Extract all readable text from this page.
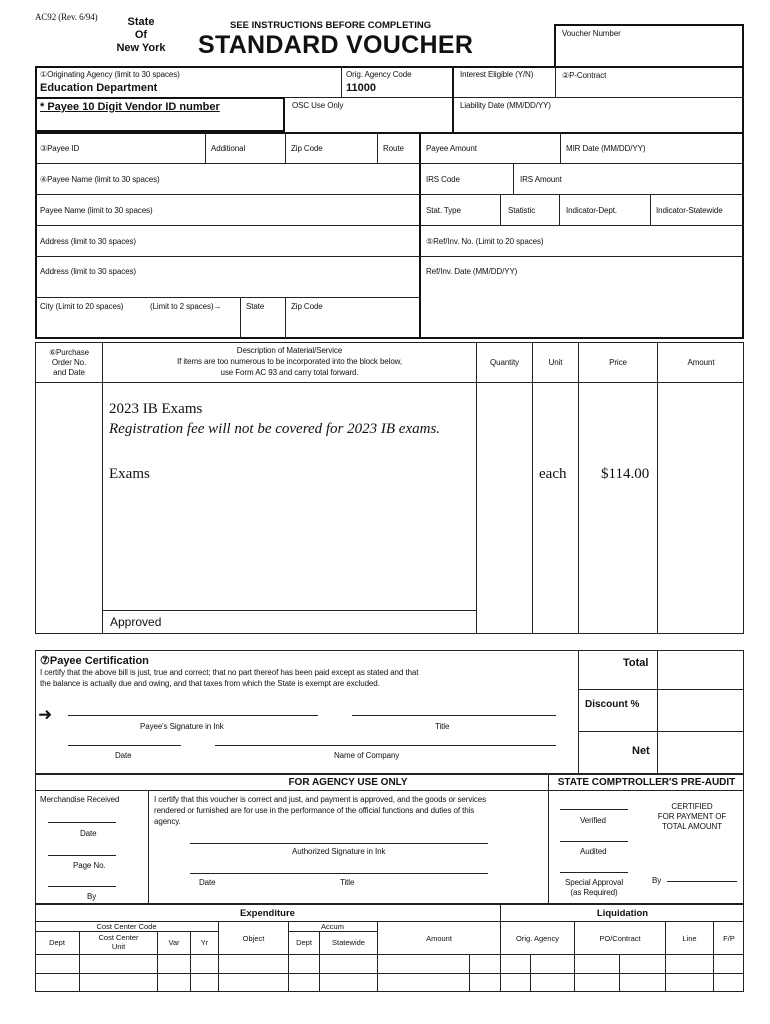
AC92 (Rev. 6/94)	State
Of
New York
SEE INSTRUCTIONS BEFORE COMPLETING
STANDARD VOUCHER	Voucher Number
①Originating Agency (limit to 30 spaces)
Education Department
Orig. Agency Code
11000
Interest Eligible (Y/N)	②P-Contract
* Payee 10 Digit Vendor ID number	OSC Use Only	Liability Date (MM/DD/YY)
③Payee ID	Additional	Zip Code	Route	Payee Amount	MIR Date (MM/DD/YY)
④Payee Name (limit to 30 spaces)	IRS Code	IRS Amount
Payee Name (limit to 30 spaces)	Stat. Type	Statistic	Indicator-Dept.	Indicator-Statewide
Address (limit to 30 spaces)	⑤Ref/Inv. No. (Limit to 20 spaces)
Address (limit to 30 spaces)	Ref/Inv. Date (MM/DD/YY)
City (Limit to 20 spaces)	(Limit to 2 spaces)→	State	Zip Code
⑥Purchase
Order No.
and Date
Description of Material/Service
If items are too numerous to be incorporated into the block below,
use Form AC 93 and carry total forward.
Quantity	Unit	Price	Amount
2023 IB Exams
Registration fee will not be covered for 2023 IB exams.
Exams	each $114.00
Approved
⑦Payee Certification
I certify that the above bill is just, true and correct; that no part thereof has been paid except as stated and that
the balance is actually due and owing, and that taxes from which the State is exempt are excluded.
➜
Payee's Signature in Ink	Title
Date	Name of Company
Total
Discount %
Net
FOR AGENCY USE ONLY	STATE COMPTROLLER'S PRE-AUDIT
Merchandise Received
Date
Page No.
By
I certify that this voucher is correct and just, and payment is approved, and the goods or services
rendered or furnished are for use in the performance of the official functions and duties of this
agency.
Authorized Signature in Ink
Date	Title
Verified
Audited
Special Approval
(as Required)
CERTIFIED
FOR PAYMENT OF
TOTAL AMOUNT
By
Expenditure	Liquidation
Cost Center Code	Accum
Dept
Cost Center
Unit	Var	Yr	Object	Dept	Statewide	Amount	Orig. Agency	PO/Contract	Line	F/P
